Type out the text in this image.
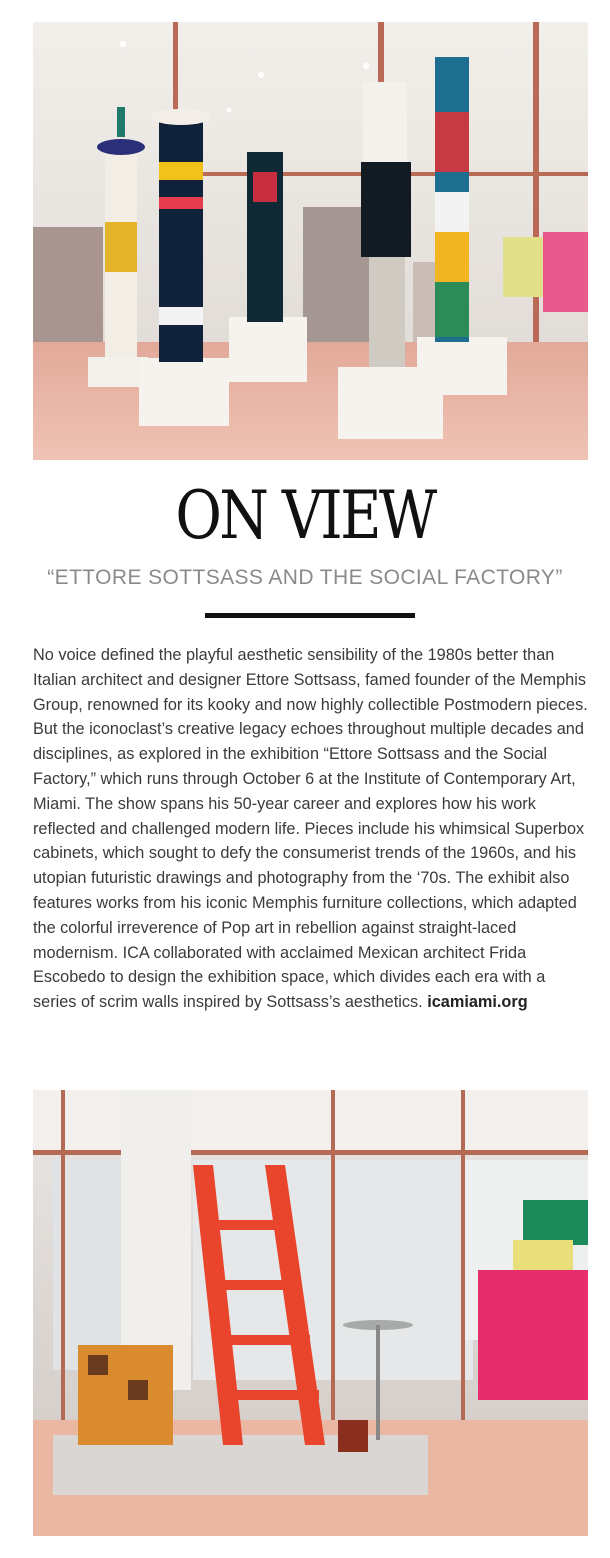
ON VIEW
“ETTORE SOTTSASS AND THE SOCIAL FACTORY”

No voice defined the playful aesthetic sensibility of the 1980s better than Italian architect and designer Ettore Sottsass, famed founder of the Memphis Group, renowned for its kooky and now highly collectible Postmodern pieces. But the iconoclast’s creative legacy echoes throughout multiple decades and disciplines, as explored in the exhibition “Ettore Sottsass and the Social Factory,” which runs through October 6 at the Institute of Contemporary Art, Miami. The show spans his 50-year career and explores how his work reflected and challenged modern life. Pieces include his whimsical Superbox cabinets, which sought to defy the consumerist trends of the 1960s, and his utopian futuristic drawings and photography from the ‘70s. The exhibit also features works from his iconic Memphis furniture collections, which adapted the colorful irreverence of Pop art in rebellion against straight-laced modernism. ICA collaborated with acclaimed Mexican architect Frida Escobedo to design the exhibition space, which divides each era with a series of scrim walls inspired by Sottsass’s aesthetics. icamiami.org
